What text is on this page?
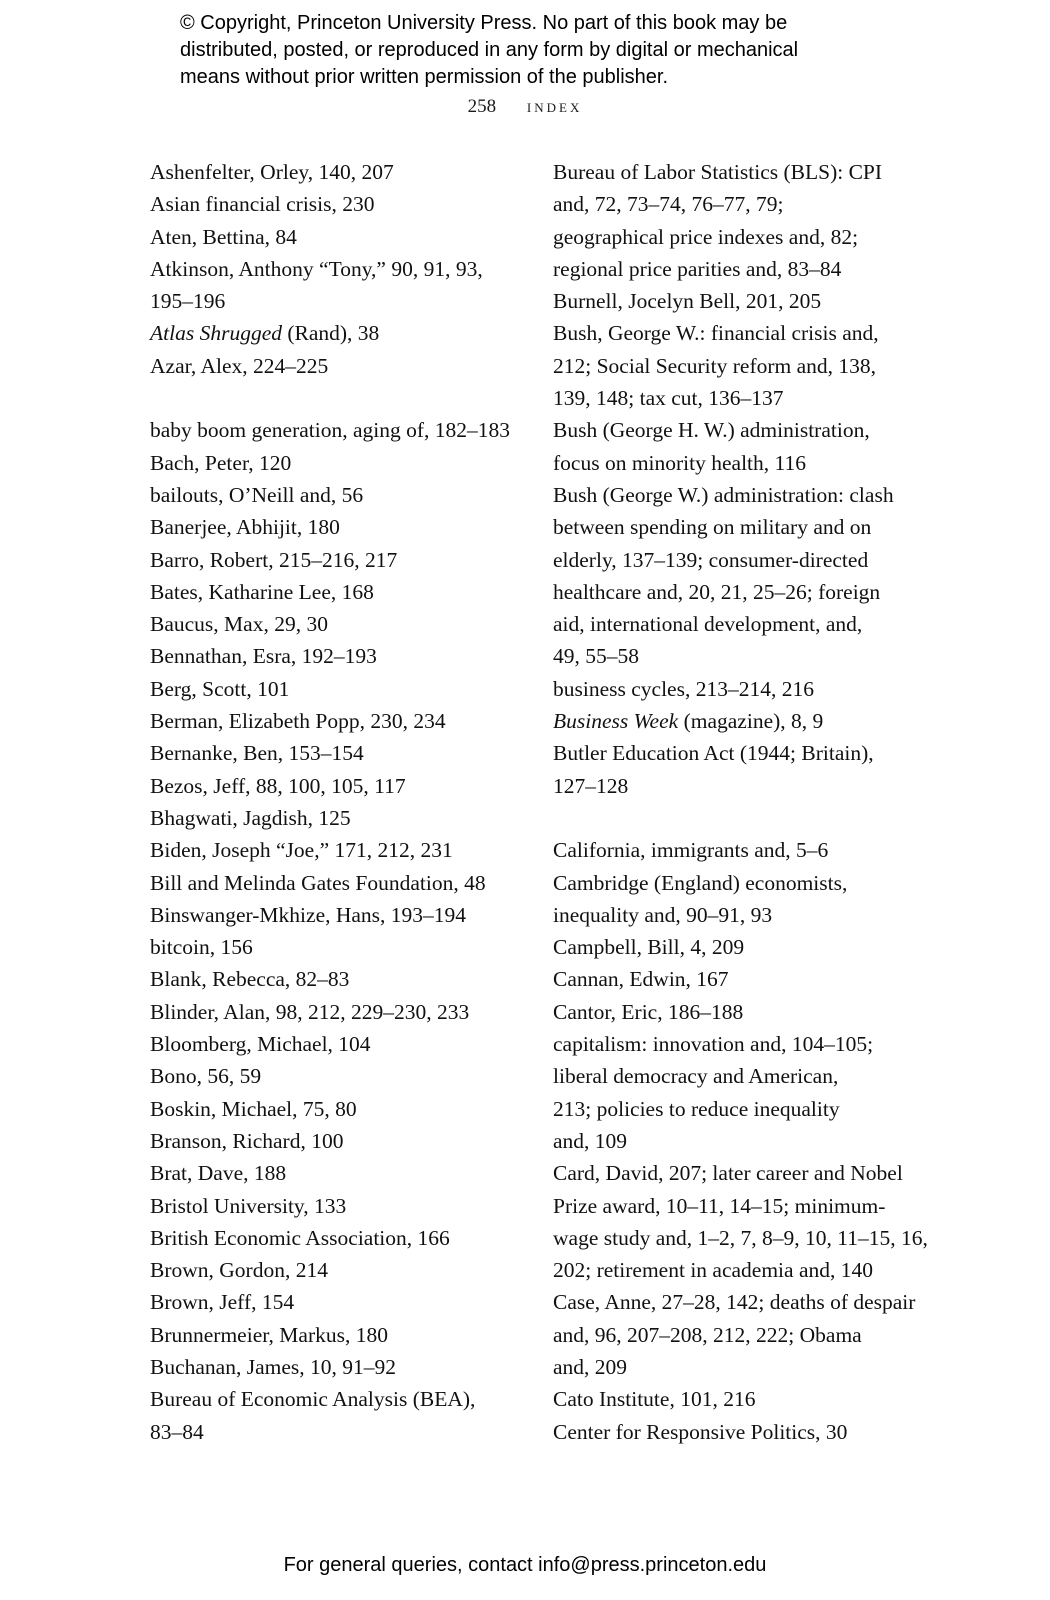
© Copyright, Princeton University Press. No part of this book may be
distributed, posted, or reproduced in any form by digital or mechanical
means without prior written permission of the publisher.
258 index
Ashenfelter, Orley, 140, 207
Asian financial crisis, 230
Aten, Bettina, 84
Atkinson, Anthony “Tony,” 90, 91, 93,
195–196
Atlas Shrugged (Rand), 38
Azar, Alex, 224–225
baby boom generation, aging of, 182–183
Bach, Peter, 120
bailouts, O’Neill and, 56
Banerjee, Abhijit, 180
Barro, Robert, 215–216, 217
Bates, Katharine Lee, 168
Baucus, Max, 29, 30
Bennathan, Esra, 192–193
Berg, Scott, 101
Berman, Elizabeth Popp, 230, 234
Bernanke, Ben, 153–154
Bezos, Jeff, 88, 100, 105, 117
Bhagwati, Jagdish, 125
Biden, Joseph “Joe,” 171, 212, 231
Bill and Melinda Gates Foundation, 48
Binswanger-Mkhize, Hans, 193–194
bitcoin, 156
Blank, Rebecca, 82–83
Blinder, Alan, 98, 212, 229–230, 233
Bloomberg, Michael, 104
Bono, 56, 59
Boskin, Michael, 75, 80
Branson, Richard, 100
Brat, Dave, 188
Bristol University, 133
British Economic Association, 166
Brown, Gordon, 214
Brown, Jeff, 154
Brunnermeier, Markus, 180
Buchanan, James, 10, 91–92
Bureau of Economic Analysis (BEA),
83–84
Bureau of Labor Statistics (BLS): CPI
and, 72, 73–74, 76–77, 79;
geographical price indexes and, 82;
regional price parities and, 83–84
Burnell, Jocelyn Bell, 201, 205
Bush, George W.: financial crisis and,
212; Social Security reform and, 138,
139, 148; tax cut, 136–137
Bush (George H. W.) administration,
focus on minority health, 116
Bush (George W.) administration: clash
between spending on military and on
elderly, 137–139; consumer-directed
healthcare and, 20, 21, 25–26; foreign
aid, international development, and,
49, 55–58
business cycles, 213–214, 216
Business Week (magazine), 8, 9
Butler Education Act (1944; Britain),
127–128
California, immigrants and, 5–6
Cambridge (England) economists,
inequality and, 90–91, 93
Campbell, Bill, 4, 209
Cannan, Edwin, 167
Cantor, Eric, 186–188
capitalism: innovation and, 104–105;
liberal democracy and American,
213; policies to reduce inequality
and, 109
Card, David, 207; later career and Nobel
Prize award, 10–11, 14–15; minimum-
wage study and, 1–2, 7, 8–9, 10, 11–15, 16,
202; retirement in academia and, 140
Case, Anne, 27–28, 142; deaths of despair
and, 96, 207–208, 212, 222; Obama
and, 209
Cato Institute, 101, 216
Center for Responsive Politics, 30
For general queries, contact info@press.princeton.edu
